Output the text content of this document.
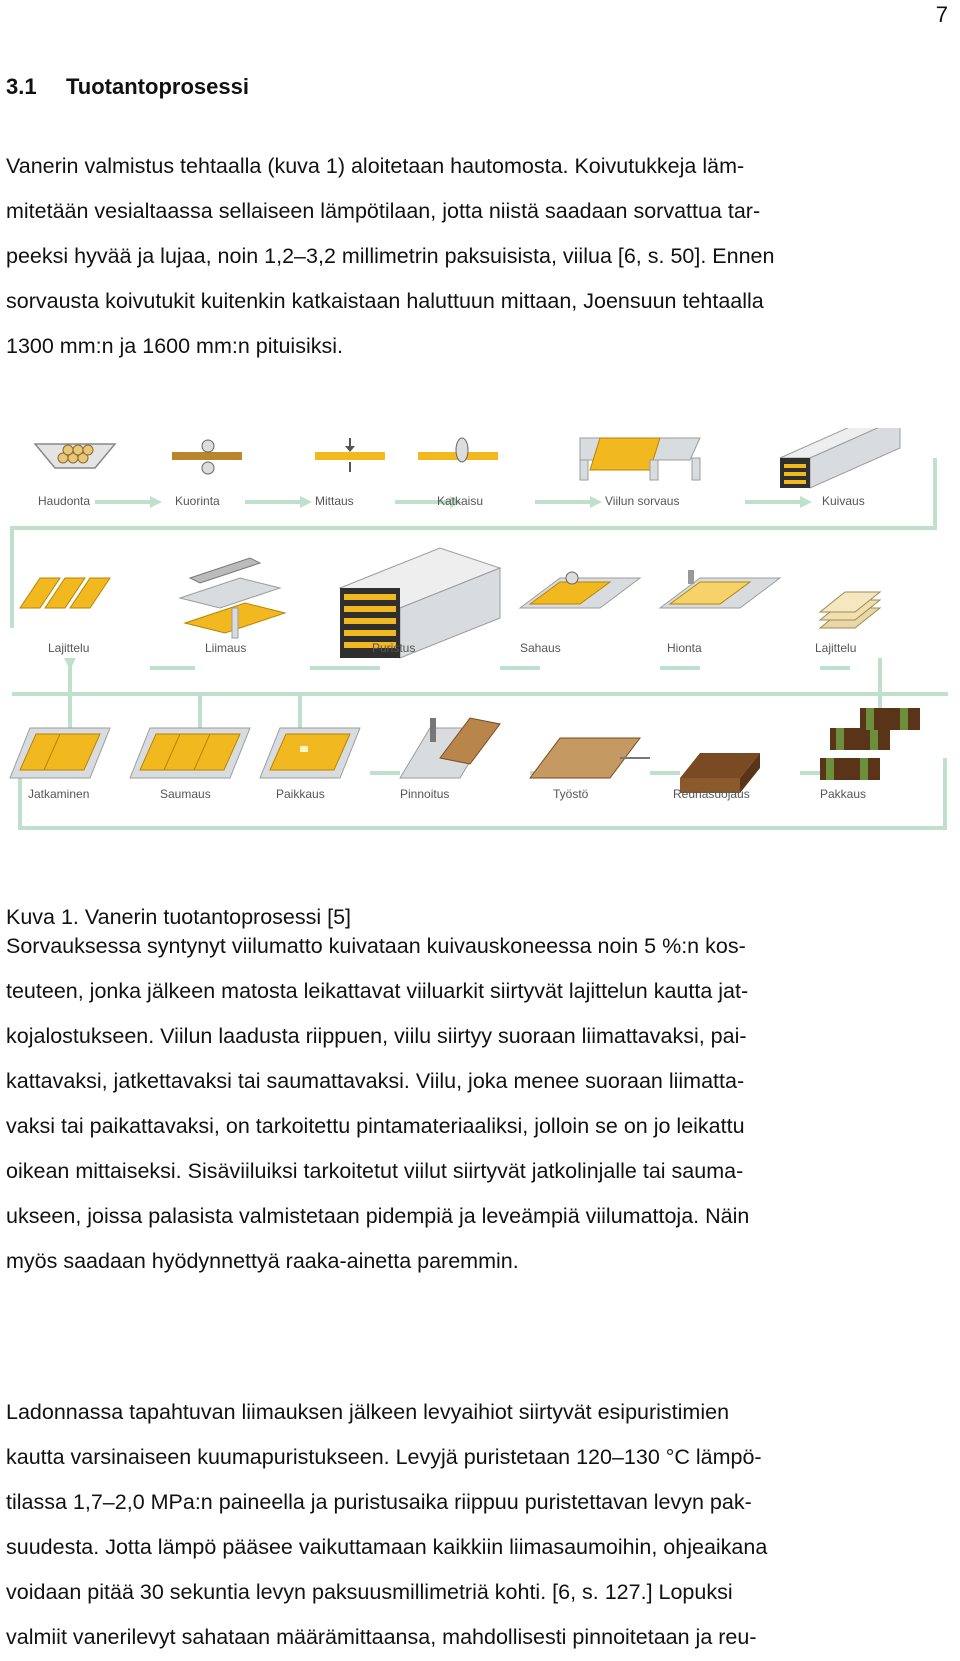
7
3.1 Tuotantoprosessi
Vanerin valmistus tehtaalla (kuva 1) aloitetaan hautomosta. Koivutukkeja läm-
mitetään vesialtaassa sellaiseen lämpötilaan, jotta niistä saadaan sorvattua tar-
peeksi hyvää ja lujaa, noin 1,2–3,2 millimetrin paksuisista, viilua [6, s. 50]. Ennen
sorvausta koivutukit kuitenkin katkaistaan haluttuun mittaan, Joensuun tehtaalla
1300 mm:n ja 1600 mm:n pituisiksi.
Haudonta	Kuorinta	Mittaus	Katkaisu	Viilun sorvaus	Kuivaus
Lajittelu	Liimaus	Puristus	Sahaus	Hionta	Lajittelu
Jatkaminen	Saumaus	Paikkaus	Pinnoitus	Työstö	Reunasuojaus	Pakkaus
Kuva 1. Vanerin tuotantoprosessi [5]
Sorvauksessa syntynyt viilumatto kuivataan kuivauskoneessa noin 5 %:n kos-
teuteen, jonka jälkeen matosta leikattavat viiluarkit siirtyvät lajittelun kautta jat-
kojalostukseen. Viilun laadusta riippuen, viilu siirtyy suoraan liimattavaksi, pai-
kattavaksi, jatkettavaksi tai saumattavaksi. Viilu, joka menee suoraan liimatta-
vaksi tai paikattavaksi, on tarkoitettu pintamateriaaliksi, jolloin se on jo leikattu
oikean mittaiseksi. Sisäviiluiksi tarkoitetut viilut siirtyvät jatkolinjalle tai sauma-
ukseen, joissa palasista valmistetaan pidempiä ja leveämpiä viilumattoja. Näin
myös saadaan hyödynnettyä raaka-ainetta paremmin.
Ladonnassa tapahtuvan liimauksen jälkeen levyaihiot siirtyvät esipuristimien
kautta varsinaiseen kuumapuristukseen. Levyjä puristetaan 120–130 °C lämpö-
tilassa 1,7–2,0 MPa:n paineella ja puristusaika riippuu puristettavan levyn pak-
suudesta. Jotta lämpö pääsee vaikuttamaan kaikkiin liimasaumoihin, ohjeaikana
voidaan pitää 30 sekuntia levyn paksuusmillimetriä kohti. [6, s. 127.] Lopuksi
valmiit vanerilevyt sahataan määrämittaansa, mahdollisesti pinnoitetaan ja reu-
